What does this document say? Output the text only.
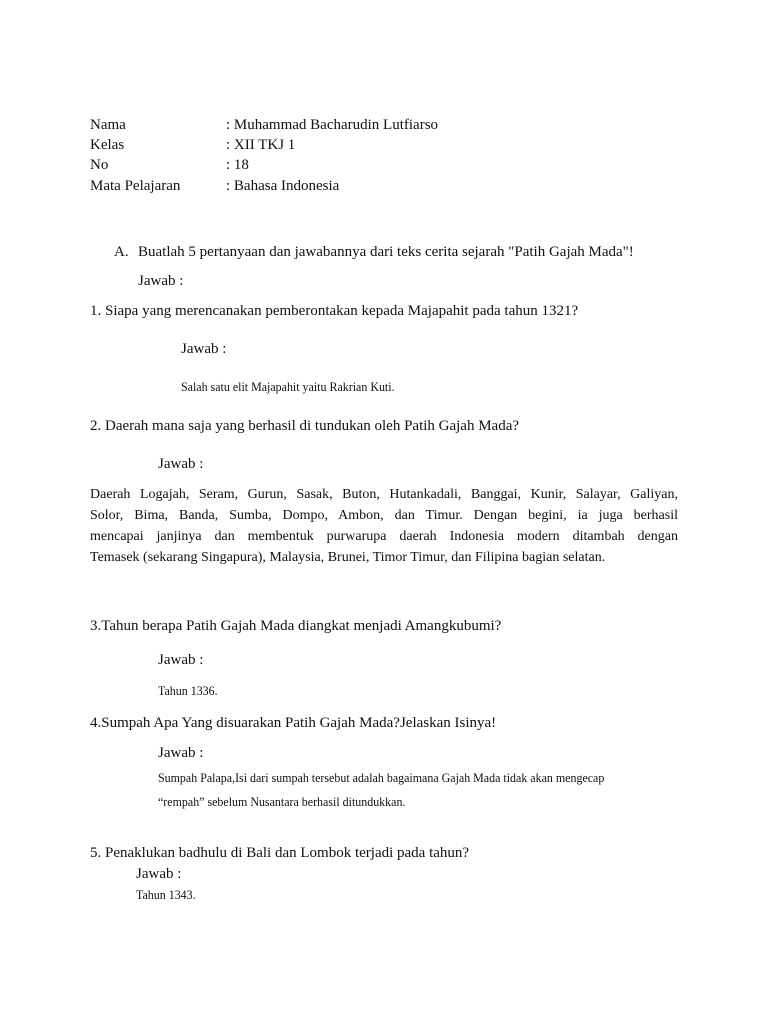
Nama	: Muhammad Bacharudin Lutfiarso
Kelas	: XII TKJ 1
No	: 18
Mata Pelajaran	: Bahasa Indonesia
A. Buatlah 5 pertanyaan dan jawabannya dari teks cerita sejarah "Patih Gajah Mada"!
Jawab :
1. Siapa yang merencanakan pemberontakan kepada Majapahit pada tahun 1321?
Jawab :
Salah satu elit Majapahit yaitu Rakrian Kuti.
2. Daerah mana saja yang berhasil di tundukan oleh Patih Gajah Mada?
Jawab :
Daerah Logajah, Seram, Gurun, Sasak, Buton, Hutankadali, Banggai, Kunir, Salayar, Galiyan,
Solor, Bima, Banda, Sumba, Dompo, Ambon, dan Timur. Dengan begini, ia juga berhasil
mencapai janjinya dan membentuk purwarupa daerah Indonesia modern ditambah dengan
Temasek (sekarang Singapura), Malaysia, Brunei, Timor Timur, dan Filipina bagian selatan.
3.Tahun berapa Patih Gajah Mada diangkat menjadi Amangkubumi?
Jawab :
Tahun 1336.
4.Sumpah Apa Yang disuarakan Patih Gajah Mada?Jelaskan Isinya!
Jawab :
Sumpah Palapa,Isi dari sumpah tersebut adalah bagaimana Gajah Mada tidak akan mengecap
“rempah” sebelum Nusantara berhasil ditundukkan.
5. Penaklukan badhulu di Bali dan Lombok terjadi pada tahun?
Jawab :
Tahun 1343.
